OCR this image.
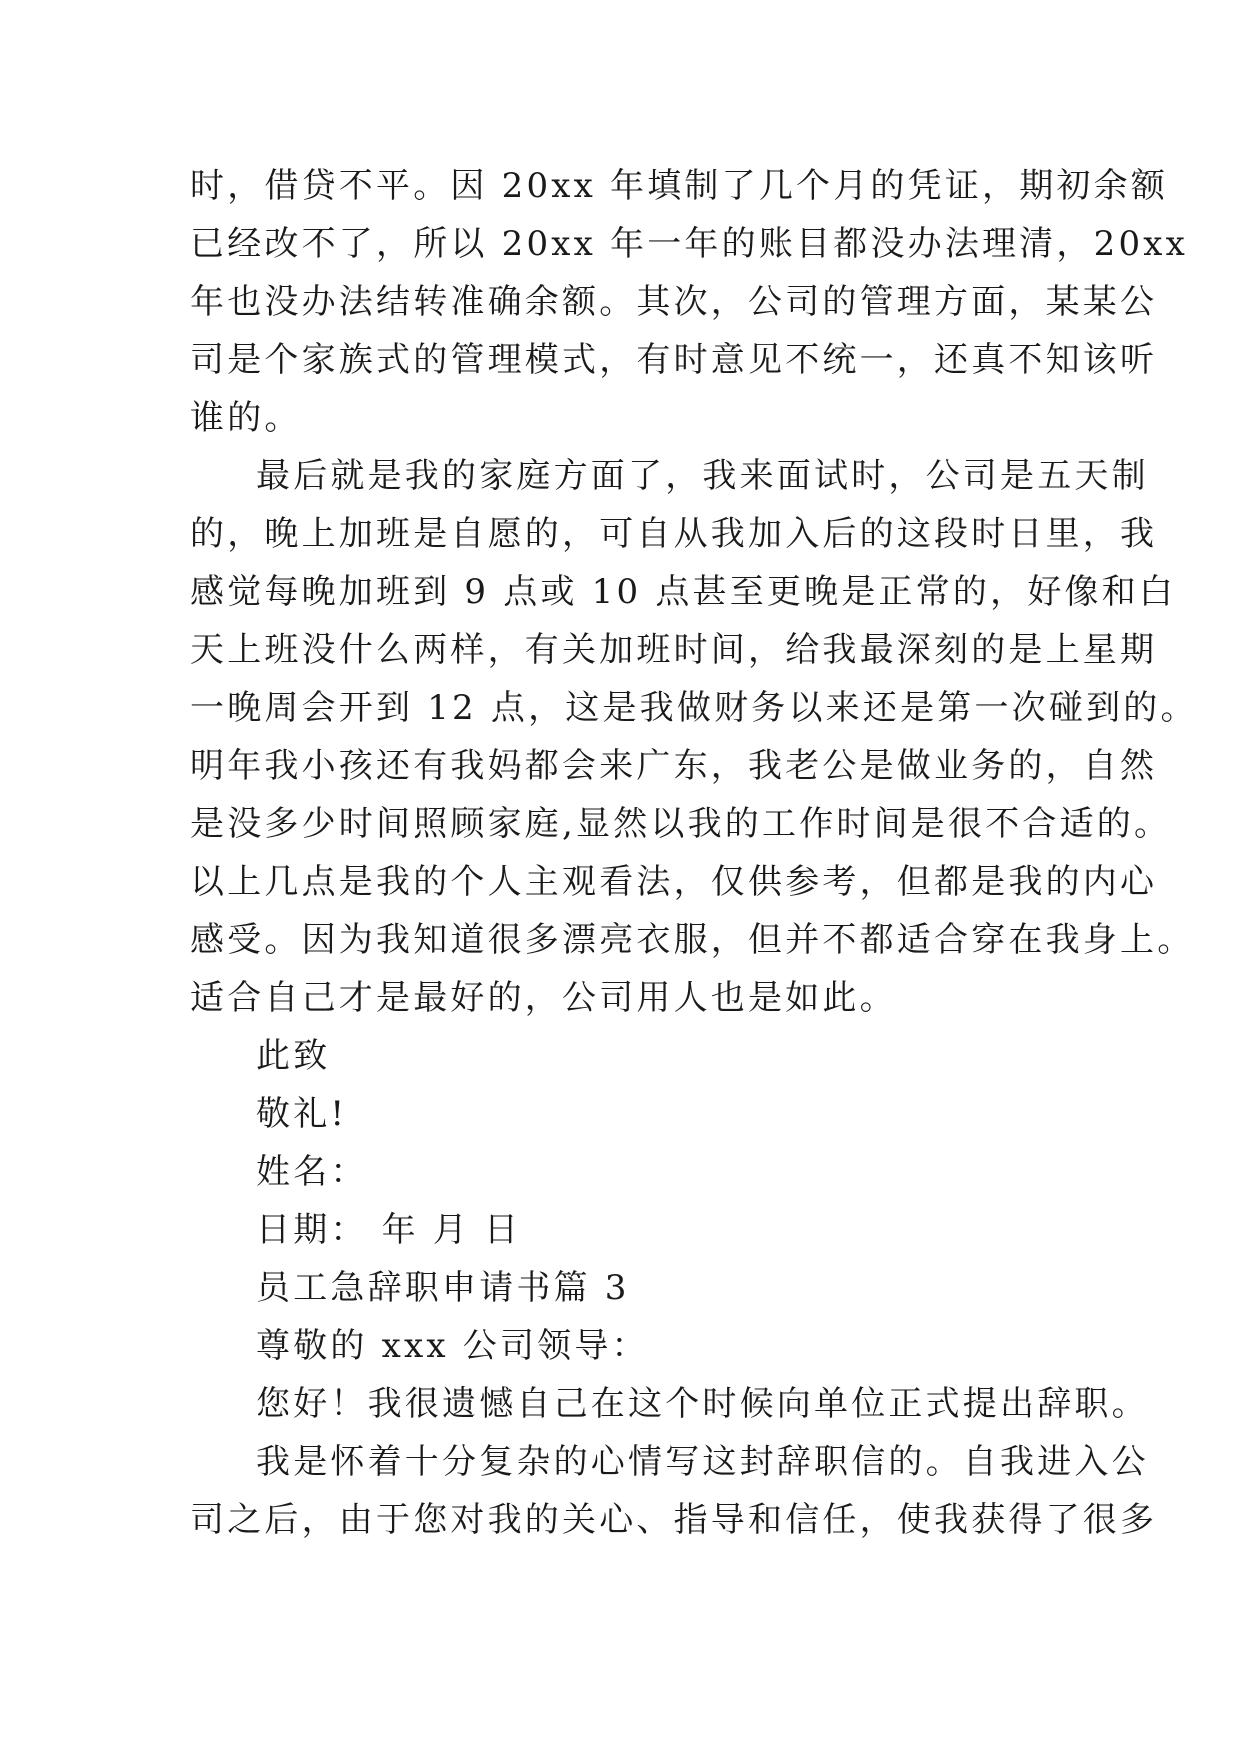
时，借贷不平。因 20xx 年填制了几个月的凭证，期初余额
已经改不了，所以 20xx 年一年的账目都没办法理清，20xx
年也没办法结转准确余额。其次，公司的管理方面，某某公
司是个家族式的管理模式，有时意见不统一，还真不知该听
谁的。
最后就是我的家庭方面了，我来面试时，公司是五天制
的，晚上加班是自愿的，可自从我加入后的这段时日里，我
感觉每晚加班到 9 点或 10 点甚至更晚是正常的，好像和白
天上班没什么两样，有关加班时间，给我最深刻的是上星期
一晚周会开到 12 点，这是我做财务以来还是第一次碰到的。
明年我小孩还有我妈都会来广东，我老公是做业务的，自然
是没多少时间照顾家庭,显然以我的工作时间是很不合适的。
以上几点是我的个人主观看法，仅供参考，但都是我的内心
感受。因为我知道很多漂亮衣服，但并不都适合穿在我身上。
适合自己才是最好的，公司用人也是如此。
此致
敬礼!
姓名：
日期： 年 月 日
员工急辞职申请书篇 3
尊敬的 xxx 公司领导：
您好！我很遗憾自己在这个时候向单位正式提出辞职。
我是怀着十分复杂的心情写这封辞职信的。自我进入公
司之后，由于您对我的关心、指导和信任，使我获得了很多
